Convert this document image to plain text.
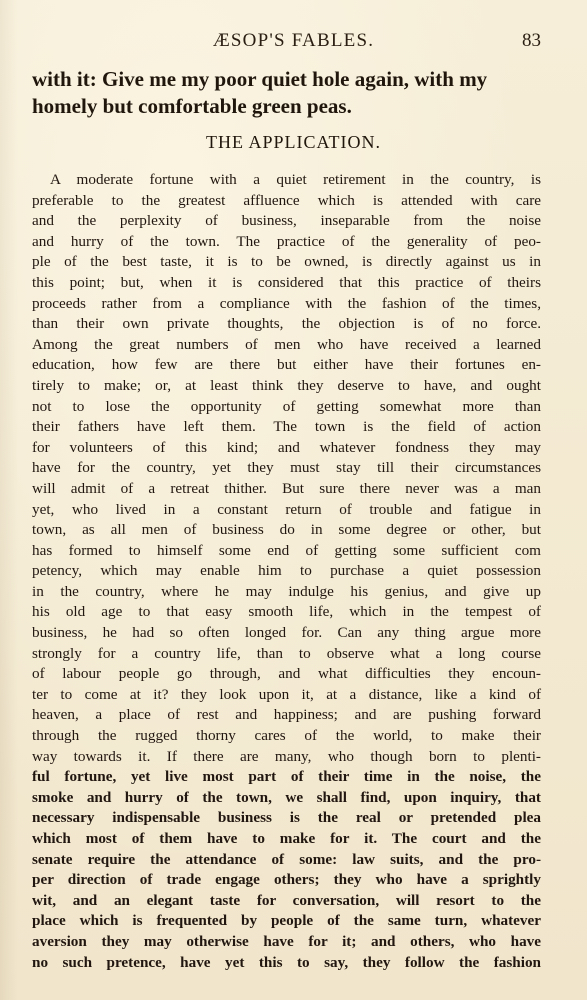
ÆSOP'S FABLES.	83
with it: Give me my poor quiet hole again, with my
homely but comfortable green peas.
THE APPLICATION.
A moderate fortune with a quiet retirement in the country, is
preferable to the greatest affluence which is attended with care
and the perplexity of business, inseparable from the noise
and hurry of the town. The practice of the generality of peo-
ple of the best taste, it is to be owned, is directly against us in
this point; but, when it is considered that this practice of theirs
proceeds rather from a compliance with the fashion of the times,
than their own private thoughts, the objection is of no force.
Among the great numbers of men who have received a learned
education, how few are there but either have their fortunes en-
tirely to make; or, at least think they deserve to have, and ought
not to lose the opportunity of getting somewhat more than
their fathers have left them. The town is the field of action
for volunteers of this kind; and whatever fondness they may
have for the country, yet they must stay till their circumstances
will admit of a retreat thither. But sure there never was a man
yet, who lived in a constant return of trouble and fatigue in
town, as all men of business do in some degree or other, but
has formed to himself some end of getting some sufficient com
petency, which may enable him to purchase a quiet possession
in the country, where he may indulge his genius, and give up
his old age to that easy smooth life, which in the tempest of
business, he had so often longed for. Can any thing argue more
strongly for a country life, than to observe what a long course
of labour people go through, and what difficulties they encoun-
ter to come at it? they look upon it, at a distance, like a kind of
heaven, a place of rest and happiness; and are pushing forward
through the rugged thorny cares of the world, to make their
way towards it. If there are many, who though born to plenti-
ful fortune, yet live most part of their time in the noise, the
smoke and hurry of the town, we shall find, upon inquiry, that
necessary indispensable business is the real or pretended plea
which most of them have to make for it. The court and the
senate require the attendance of some: law suits, and the pro-
per direction of trade engage others; they who have a sprightly
wit, and an elegant taste for conversation, will resort to the
place which is frequented by people of the same turn, whatever
aversion they may otherwise have for it; and others, who have
no such pretence, have yet this to say, they follow the fashion
